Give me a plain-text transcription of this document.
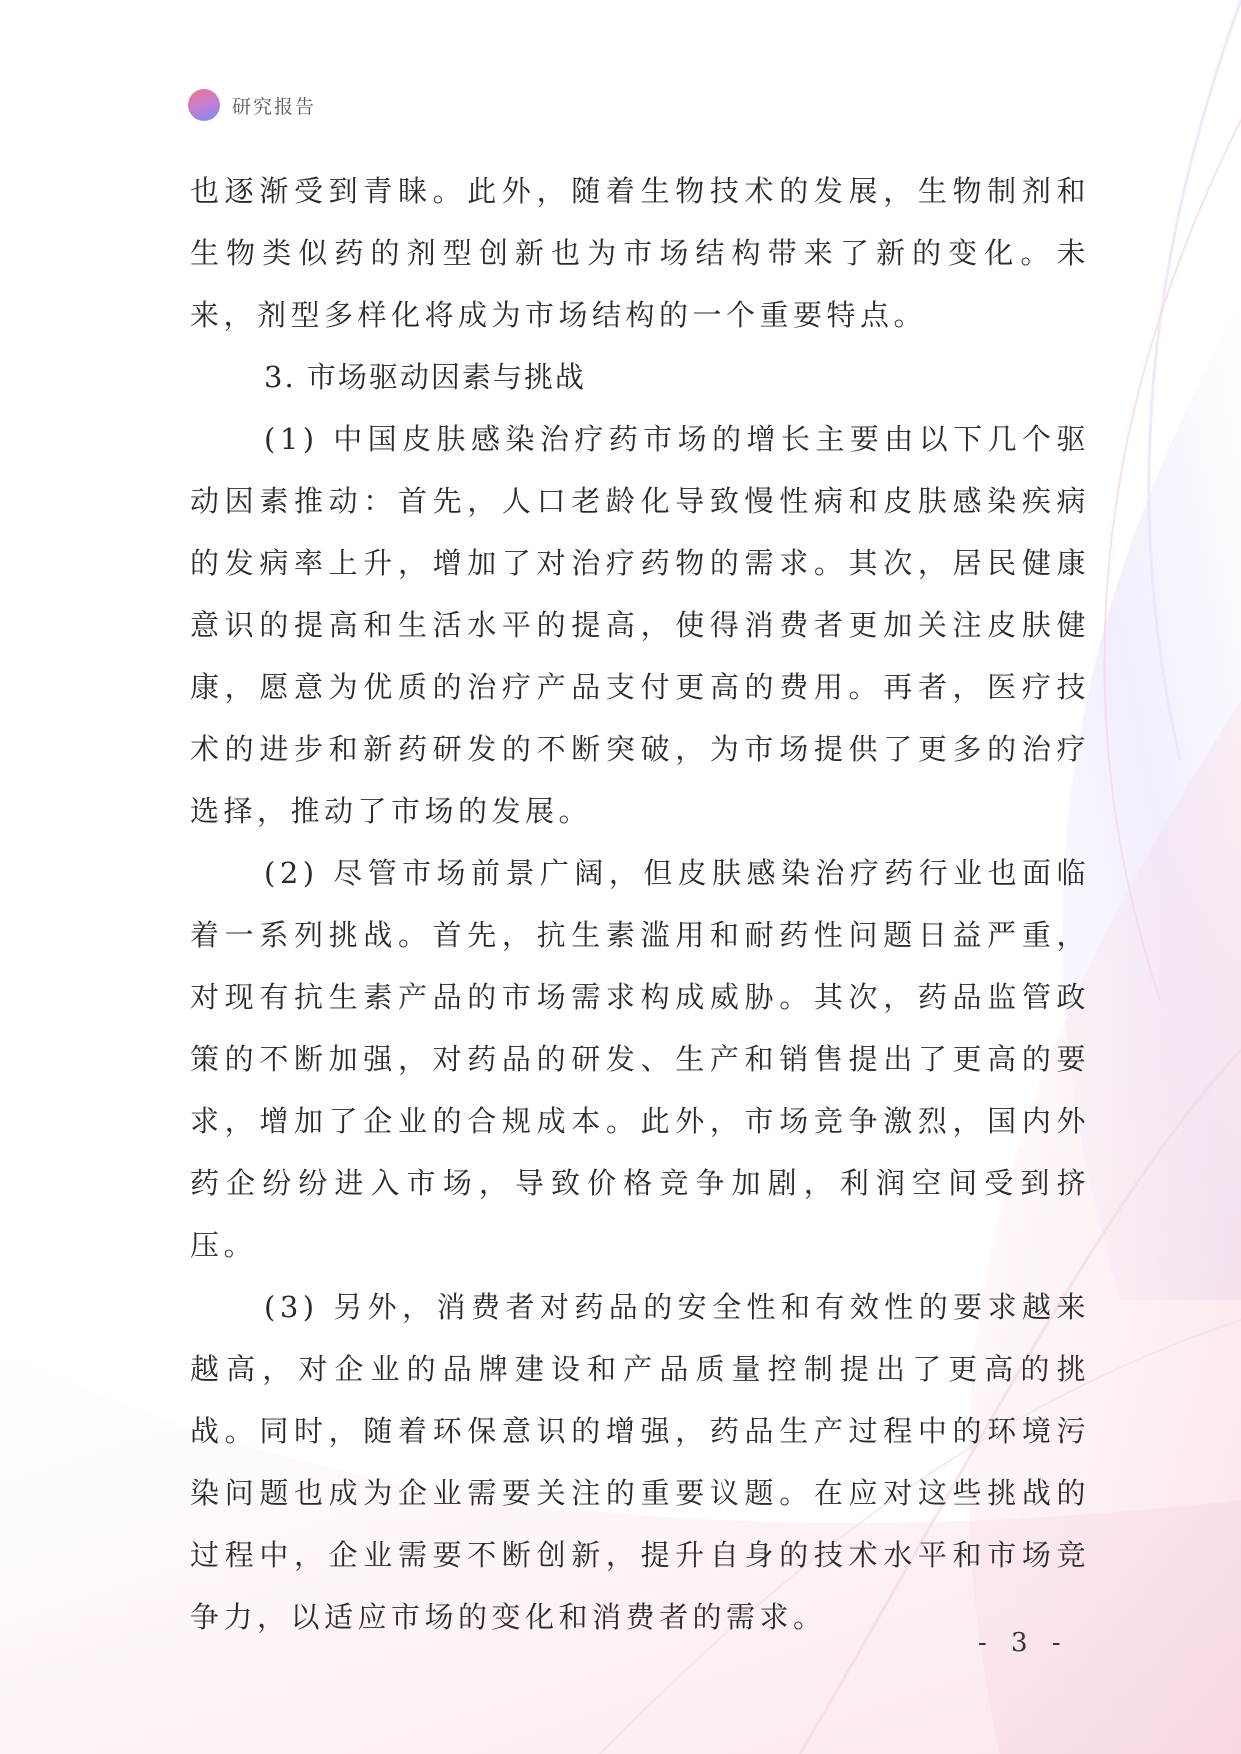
研究报告

也逐渐受到青睐。此外，随着生物技术的发展，生物制剂和生物类似药的剂型创新也为市场结构带来了新的变化。未来，剂型多样化将成为市场结构的一个重要特点。

3. 市场驱动因素与挑战

(1) 中国皮肤感染治疗药市场的增长主要由以下几个驱动因素推动：首先，人口老龄化导致慢性病和皮肤感染疾病的发病率上升，增加了对治疗药物的需求。其次，居民健康意识的提高和生活水平的提高，使得消费者更加关注皮肤健康，愿意为优质的治疗产品支付更高的费用。再者，医疗技术的进步和新药研发的不断突破，为市场提供了更多的治疗选择，推动了市场的发展。

(2) 尽管市场前景广阔，但皮肤感染治疗药行业也面临着一系列挑战。首先，抗生素滥用和耐药性问题日益严重，对现有抗生素产品的市场需求构成威胁。其次，药品监管政策的不断加强，对药品的研发、生产和销售提出了更高的要求，增加了企业的合规成本。此外，市场竞争激烈，国内外药企纷纷进入市场，导致价格竞争加剧，利润空间受到挤压。

(3) 另外，消费者对药品的安全性和有效性的要求越来越高，对企业的品牌建设和产品质量控制提出了更高的挑战。同时，随着环保意识的增强，药品生产过程中的环境污染问题也成为企业需要关注的重要议题。在应对这些挑战的过程中，企业需要不断创新，提升自身的技术水平和市场竞争力，以适应市场的变化和消费者的需求。

- 3 -
